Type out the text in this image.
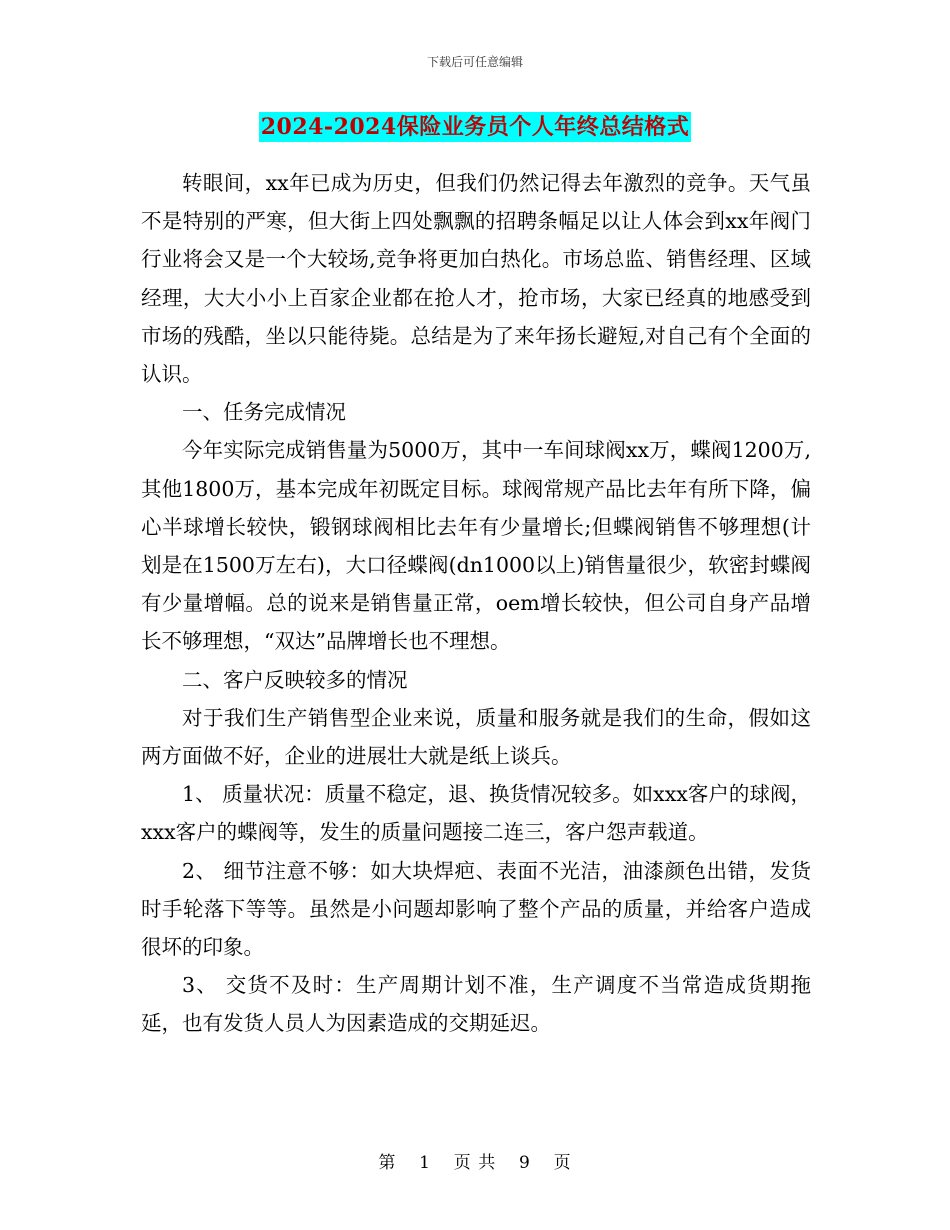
下载后可任意编辑
2024-2024保险业务员个人年终总结格式

转眼间，xx年已成为历史，但我们仍然记得去年激烈的竞争。天气虽不是特别的严寒，但大街上四处飘飘的招聘条幅足以让人体会到xx年阀门行业将会又是一个大较场,竞争将更加白热化。市场总监、销售经理、区域经理，大大小小上百家企业都在抢人才，抢市场，大家已经真的地感受到市场的残酷，坐以只能待毙。总结是为了来年扬长避短,对自己有个全面的认识。

一、任务完成情况

今年实际完成销售量为5000万，其中一车间球阀xx万，蝶阀1200万,其他1800万，基本完成年初既定目标。球阀常规产品比去年有所下降，偏心半球增长较快，锻钢球阀相比去年有少量增长;但蝶阀销售不够理想(计划是在1500万左右)，大口径蝶阀(dn1000以上)销售量很少，软密封蝶阀有少量增幅。总的说来是销售量正常，oem增长较快，但公司自身产品增长不够理想，“双达”品牌增长也不理想。

二、客户反映较多的情况

对于我们生产销售型企业来说，质量和服务就是我们的生命，假如这两方面做不好，企业的进展壮大就是纸上谈兵。

1、 质量状况：质量不稳定，退、换货情况较多。如xxx客户的球阀，xxx客户的蝶阀等，发生的质量问题接二连三，客户怨声载道。

2、 细节注意不够：如大块焊疤、表面不光洁，油漆颜色出错，发货时手轮落下等等。虽然是小问题却影响了整个产品的质量，并给客户造成很坏的印象。

3、 交货不及时：生产周期计划不准，生产调度不当常造成货期拖延，也有发货人员人为因素造成的交期延迟。

第 1 页 共 9 页
